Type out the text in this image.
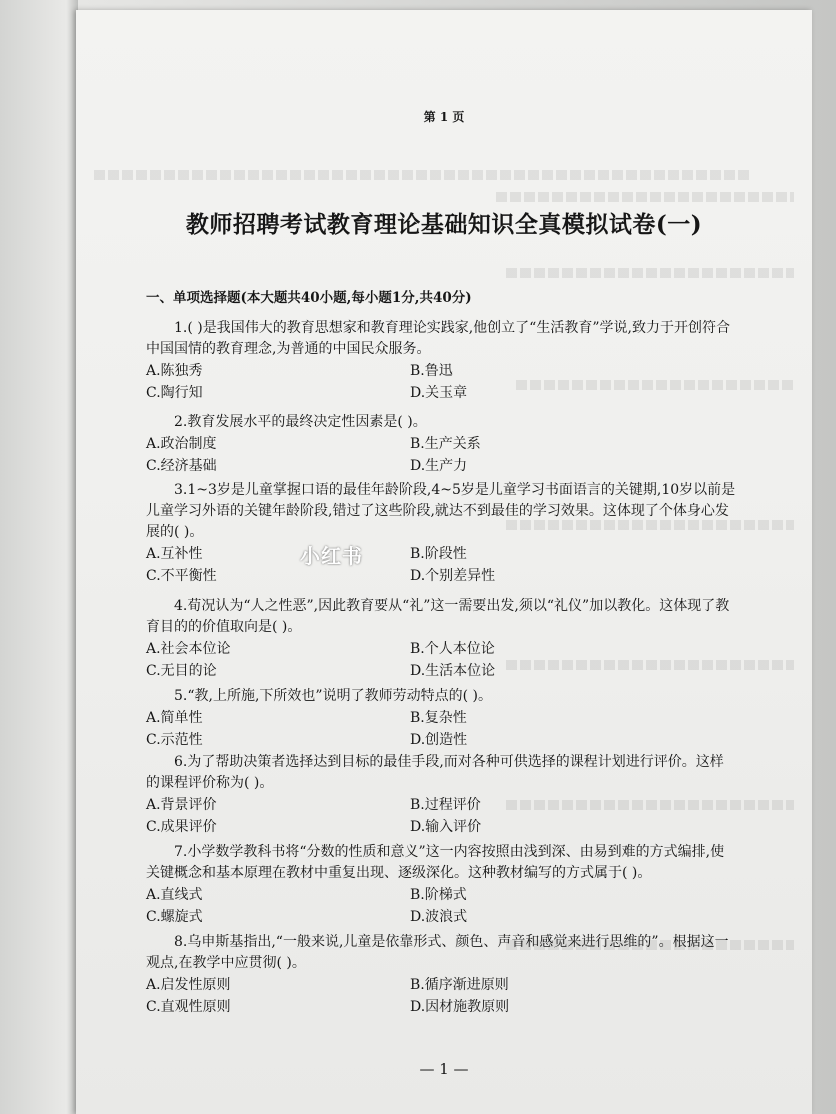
第 1 页
教师招聘考试教育理论基础知识全真模拟试卷(一)
一、单项选择题(本大题共40小题,每小题1分,共40分)

1.( )是我国伟大的教育思想家和教育理论实践家,他创立了“生活教育”学说,致力于开创符合中国国情的教育理念,为普通的中国民众服务。

A.陈独秀	B.鲁迅
C.陶行知	D.关玉章

2.教育发展水平的最终决定性因素是( )。

A.政治制度	B.生产关系
C.经济基础	D.生产力

3.1~3岁是儿童掌握口语的最佳年龄阶段,4~5岁是儿童学习书面语言的关键期,10岁以前是儿童学习外语的关键年龄阶段,错过了这些阶段,就达不到最佳的学习效果。这体现了个体身心发展的( )。

A.互补性	B.阶段性
C.不平衡性	D.个别差异性

4.荀况认为“人之性恶”,因此教育要从“礼”这一需要出发,须以“礼仪”加以教化。这体现了教育目的的价值取向是( )。

A.社会本位论	B.个人本位论
C.无目的论	D.生活本位论

5.“教,上所施,下所效也”说明了教师劳动特点的( )。

A.简单性	B.复杂性
C.示范性	D.创造性

6.为了帮助决策者选择达到目标的最佳手段,而对各种可供选择的课程计划进行评价。这样的课程评价称为( )。

A.背景评价	B.过程评价
C.成果评价	D.输入评价

7.小学数学教科书将“分数的性质和意义”这一内容按照由浅到深、由易到难的方式编排,使关键概念和基本原理在教材中重复出现、逐级深化。这种教材编写的方式属于( )。

A.直线式	B.阶梯式
C.螺旋式	D.波浪式

8.乌申斯基指出,“一般来说,儿童是依靠形式、颜色、声音和感觉来进行思维的”。根据这一观点,在教学中应贯彻( )。

A.启发性原则	B.循序渐进原则
C.直观性原则	D.因材施教原则
— 1 —
小红书
